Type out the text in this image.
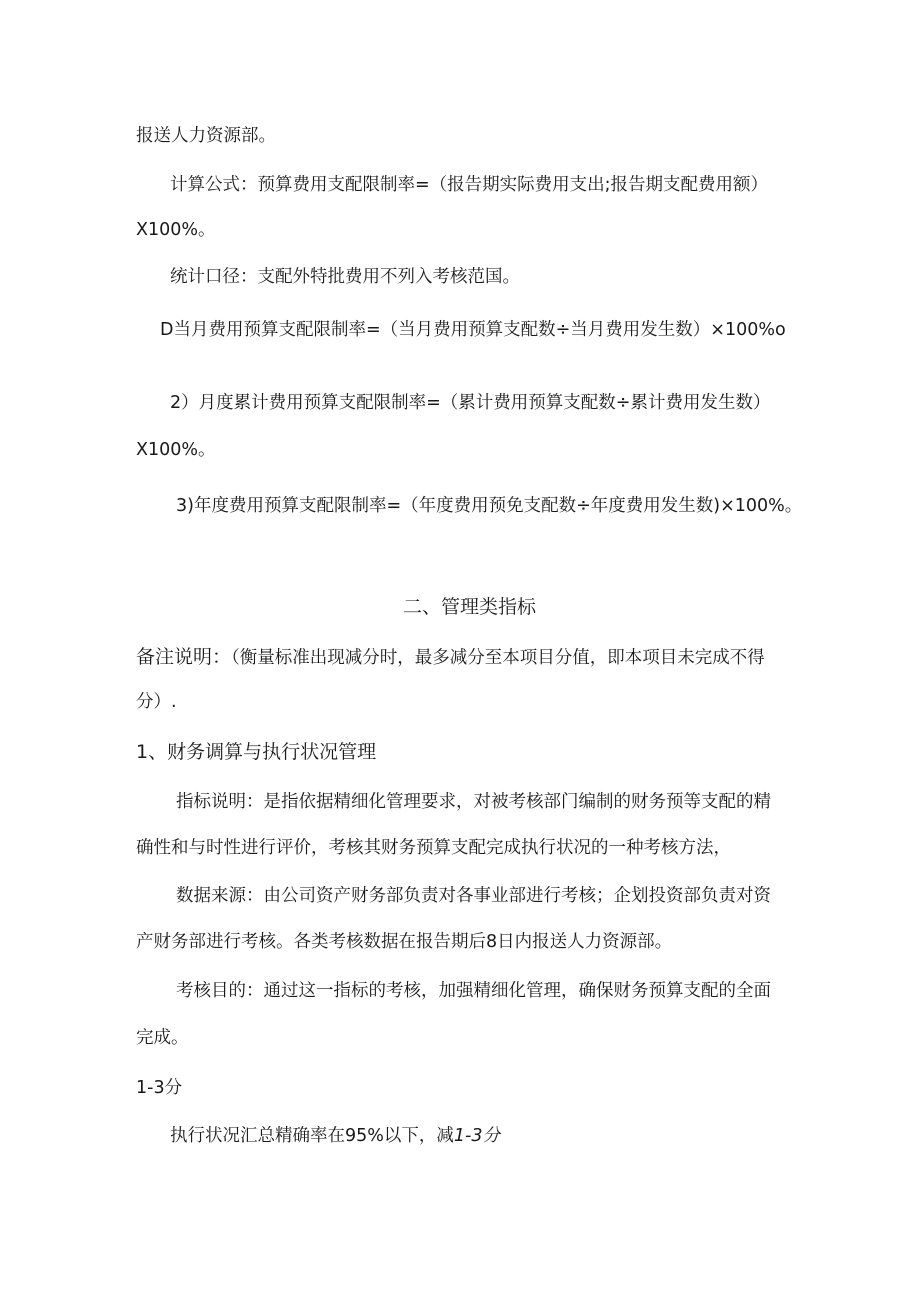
报送人力资源部。
计算公式：预算费用支配限制率=（报告期实际费用支出;报告期支配费用额）
X100%。
统计口径：支配外特批费用不列入考核范国。
D当月费用预算支配限制率=（当月费用预算支配数÷当月费用发生数）×100%o
2）月度累计费用预算支配限制率=（累计费用预算支配数÷累计费用发生数）
X100%。
3)年度费用预算支配限制率=（年度费用预免支配数÷年度费用发生数)×100%。
二、管理类指标
备注说明：（衡量标准出现减分时，最多减分至本项目分值，即本项目未完成不得
分）.
1、财务调算与执行状况管理
指标说明：是指依据精细化管理要求，对被考核部门编制的财务预等支配的精
确性和与时性进行评价，考核其财务预算支配完成执行状况的一种考核方法，
数据来源：由公司资产财务部负责对各事业部进行考核；企划投资部负责对资
产财务部进行考核。各类考核数据在报告期后8日内报送人力资源部。
考核目的：通过这一指标的考核，加强精细化管理，确保财务预算支配的全面
完成。
1-3分
执行状况汇总精确率在95%以下，减1-3分
